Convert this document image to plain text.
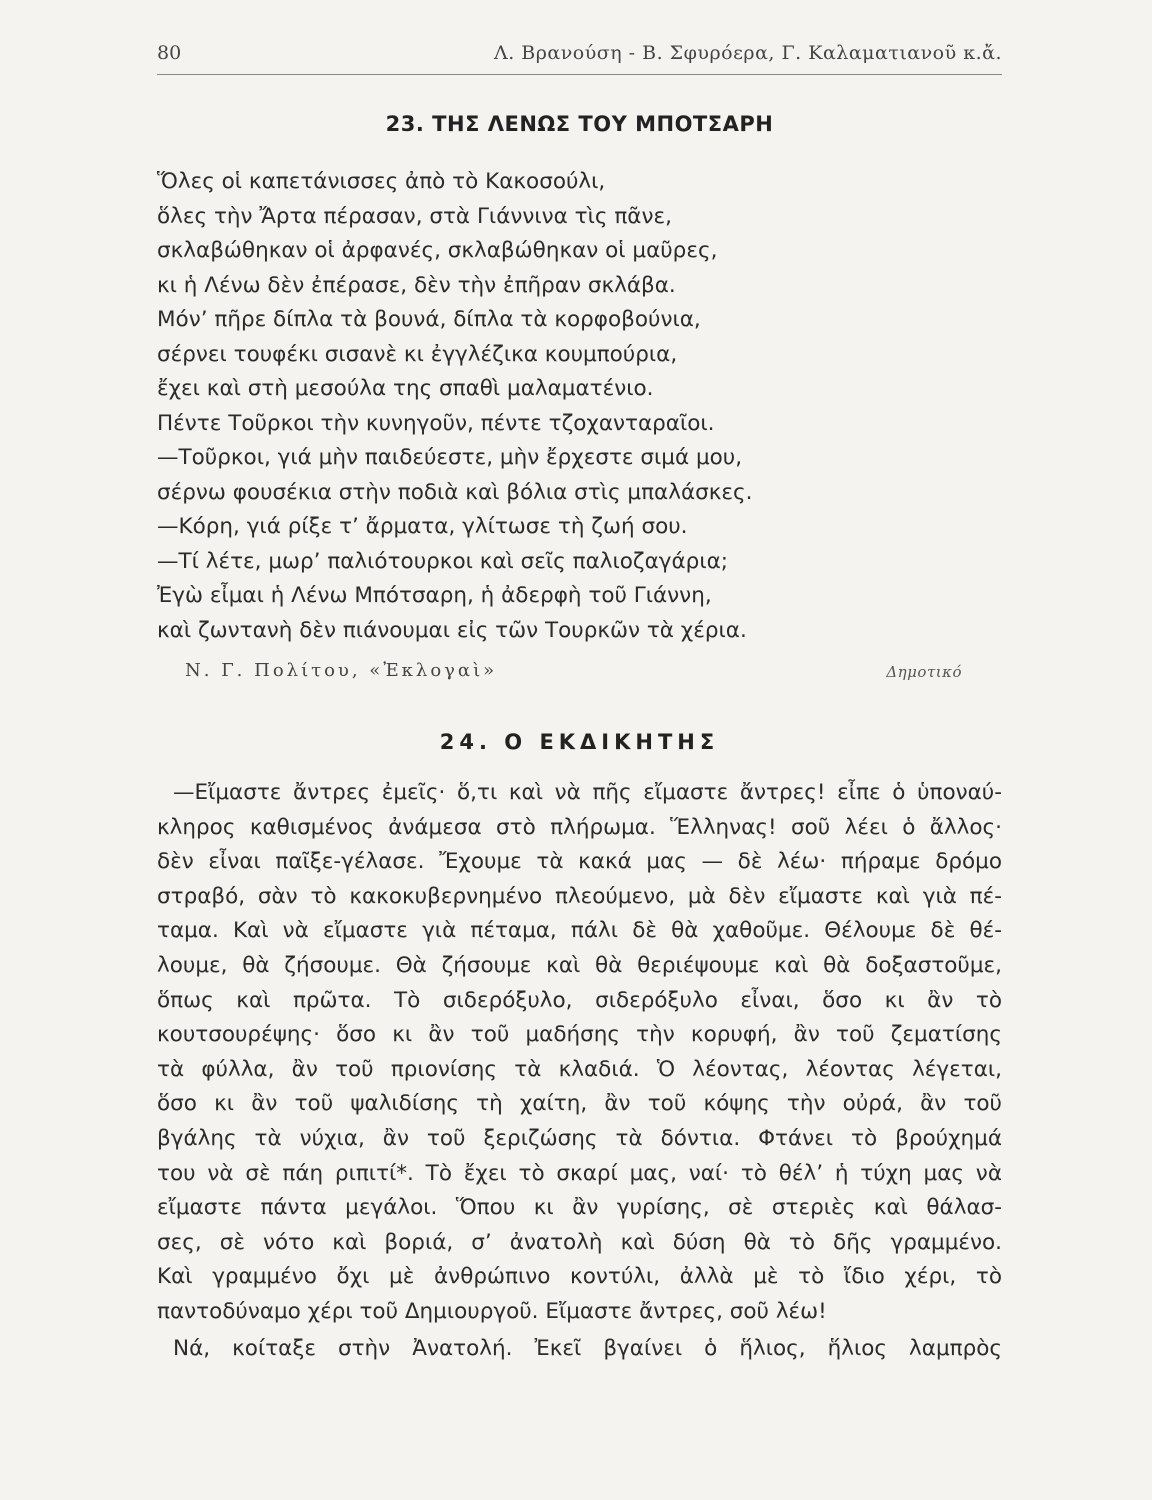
80	Λ. Βρανούση - Β. Σφυρόερα, Γ. Καλαματιανοῦ κ.ἄ.
23. ΤΗΣ ΛΕΝΩΣ ΤΟΥ ΜΠΟΤΣΑΡΗ
Ὅλες οἱ καπετάνισσες ἀπὸ τὸ Κακοσούλι,
ὅλες τὴν Ἄρτα πέρασαν, στὰ Γιάννινα τὶς πᾶνε,
σκλαβώθηκαν οἱ ἀρφανές, σκλαβώθηκαν οἱ μαῦρες,
κι ἡ Λένω δὲν ἐπέρασε, δὲν τὴν ἐπῆραν σκλάβα.
Μόν’ πῆρε δίπλα τὰ βουνά, δίπλα τὰ κορφοβούνια,
σέρνει τουφέκι σισανὲ κι ἐγγλέζικα κουμπούρια,
ἔχει καὶ στὴ μεσούλα της σπαθὶ μαλαματένιο.
Πέντε Τοῦρκοι τὴν κυνηγοῦν, πέντε τζοχανταραῖοι.
—Τοῦρκοι, γιά μὴν παιδεύεστε, μὴν ἔρχεστε σιμά μου,
σέρνω φουσέκια στὴν ποδιὰ καὶ βόλια στὶς μπαλάσκες.
—Κόρη, γιά ρίξε τ’ ἄρματα, γλίτωσε τὴ ζωή σου.
—Τί λέτε, μωρ’ παλιότουρκοι καὶ σεῖς παλιοζαγάρια;
Ἐγὼ εἶμαι ἡ Λένω Μπότσαρη, ἡ ἀδερφὴ τοῦ Γιάννη,
καὶ ζωντανὴ δὲν πιάνουμαι εἰς τῶν Τουρκῶν τὰ χέρια.
Ν. Γ. Πολίτου, «Ἐκλογαὶ»	Δημοτικό
24. Ο ΕΚΔΙΚΗΤΗΣ
—Εἴμαστε ἄντρες ἐμεῖς· ὅ,τι καὶ νὰ πῆς εἴμαστε ἄντρες! εἶπε ὁ ὑποναύ-
κληρος καθισμένος ἀνάμεσα στὸ πλήρωμα. Ἕλληνας! σοῦ λέει ὁ ἄλλος·
δὲν εἶναι παῖξε-γέλασε. Ἔχουμε τὰ κακά μας — δὲ λέω· πήραμε δρόμο
στραβό, σὰν τὸ κακοκυβερνημένο πλεούμενο, μὰ δὲν εἴμαστε καὶ γιὰ πέ-
ταμα. Καὶ νὰ εἴμαστε γιὰ πέταμα, πάλι δὲ θὰ χαθοῦμε. Θέλουμε δὲ θέ-
λουμε, θὰ ζήσουμε. Θὰ ζήσουμε καὶ θὰ θεριέψουμε καὶ θὰ δοξαστοῦμε,
ὅπως καὶ πρῶτα. Τὸ σιδερόξυλο, σιδερόξυλο εἶναι, ὅσο κι ἂν τὸ
κουτσουρέψης· ὅσο κι ἂν τοῦ μαδήσης τὴν κορυφή, ἂν τοῦ ζεματίσης
τὰ φύλλα, ἂν τοῦ πριονίσης τὰ κλαδιά. Ὁ λέοντας, λέοντας λέγεται,
ὅσο κι ἂν τοῦ ψαλιδίσης τὴ χαίτη, ἂν τοῦ κόψης τὴν οὐρά, ἂν τοῦ
βγάλης τὰ νύχια, ἂν τοῦ ξεριζώσης τὰ δόντια. Φτάνει τὸ βρούχημά
του νὰ σὲ πάη ριπιτί*. Τὸ ἔχει τὸ σκαρί μας, ναί· τὸ θέλ’ ἡ τύχη μας νὰ
εἴμαστε πάντα μεγάλοι. Ὅπου κι ἂν γυρίσης, σὲ στεριὲς καὶ θάλασ-
σες, σὲ νότο καὶ βοριά, σ’ ἀνατολὴ καὶ δύση θὰ τὸ δῆς γραμμένο.
Καὶ γραμμένο ὄχι μὲ ἀνθρώπινο κοντύλι, ἀλλὰ μὲ τὸ ἴδιο χέρι, τὸ
παντοδύναμο χέρι τοῦ Δημιουργοῦ. Εἴμαστε ἄντρες, σοῦ λέω!
Νά, κοίταξε στὴν Ἀνατολή. Ἐκεῖ βγαίνει ὁ ἥλιος, ἥλιος λαμπρὸς
